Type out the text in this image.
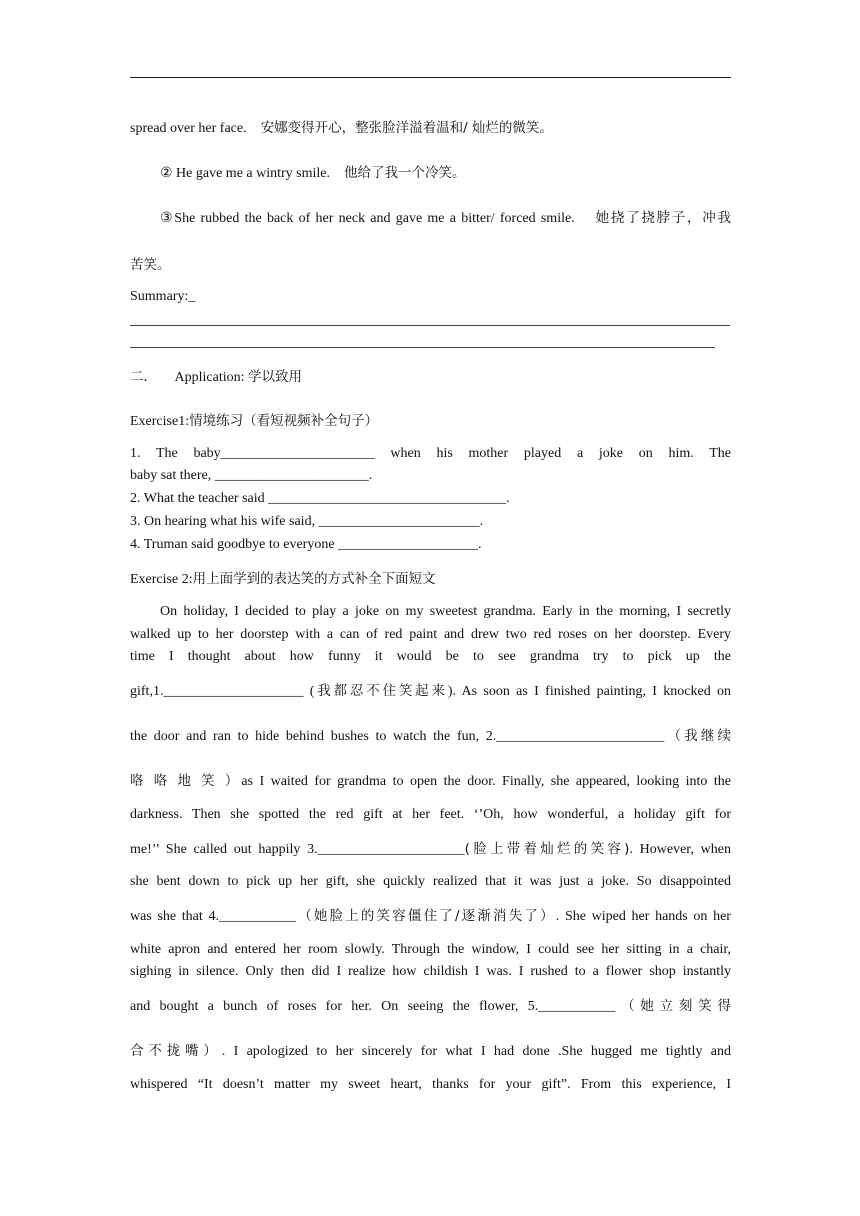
spread over her face. 安娜变得开心，整张脸洋溢着温和/ 灿烂的微笑。
② He gave me a wintry smile. 他给了我一个冷笑。
③She rubbed the back of her neck and gave me a bitter/ forced smile. 她挠了挠脖子，冲我
苦笑。
Summary:_
二． Application: 学以致用
Exercise1:情境练习（看短视频补全句子）
1. The baby______________________ when his mother played a joke on him. The
baby sat there, ______________________.
2. What the teacher said __________________________________.
3. On hearing what his wife said, _______________________.
4. Truman said goodbye to everyone ____________________.
Exercise 2:用上面学到的表达笑的方式补全下面短文
On holiday, I decided to play a joke on my sweetest grandma. Early in the morning, I secretly
walked up to her doorstep with a can of red paint and drew two red roses on her doorstep. Every
time I thought about how funny it would be to see grandma try to pick up the
gift,1.____________________ (我都忍不住笑起来). As soon as I finished painting, I knocked on
the door and ran to hide behind bushes to watch the fun, 2.________________________（我继续
咯 咯 地 笑 ）as I waited for grandma to open the door. Finally, she appeared, looking into the
darkness. Then she spotted the red gift at her feet. ‘’Oh, how wonderful, a holiday gift for
me!’’ She called out happily 3._____________________(脸上带着灿烂的笑容). However, when
she bent down to pick up her gift, she quickly realized that it was just a joke. So disappointed
was she that 4.___________（她脸上的笑容僵住了/逐渐消失了）. She wiped her hands on her
white apron and entered her room slowly. Through the window, I could see her sitting in a chair,
sighing in silence. Only then did I realize how childish I was. I rushed to a flower shop instantly
and bought a bunch of roses for her. On seeing the flower, 5.___________（她立刻笑得
合不拢嘴）. I apologized to her sincerely for what I had done .She hugged me tightly and
whispered “It doesn’t matter my sweet heart, thanks for your gift”. From this experience, I
